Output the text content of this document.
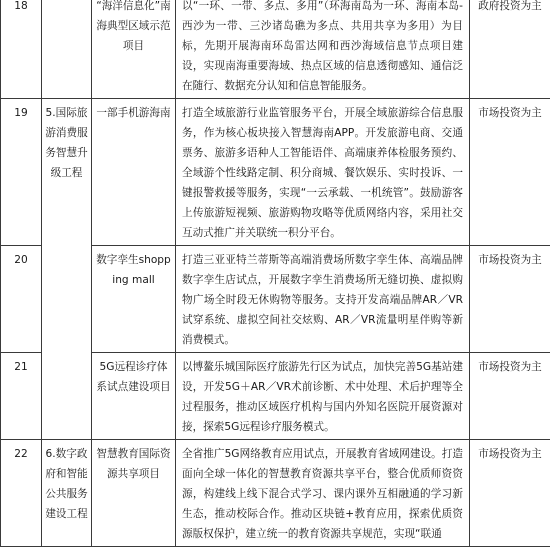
18		“海洋信息化”南海典型区域示范项目	以“一环、一带、多点、多用”（环海南岛为一环、海南本岛-西沙为一带、三沙诸岛礁为多点、共用共享为多用）为目标，先期开展海南环岛雷达网和西沙海域信息节点项目建设，实现南海重要海域、热点区域的信息透彻感知、通信泛在随行、数据充分认知和信息智能服务。	政府投资为主
19	5.国际旅游消费服务智慧升级工程	一部手机游海南	打造全域旅游行业监管服务平台，开展全域旅游综合信息服务，作为核心板块接入智慧海南APP。开发旅游电商、交通票务、旅游多语种人工智能语伴、高端康养体检服务预约、全域游个性线路定制、积分商城、餐饮娱乐、实时投诉、一键报警救援等服务，实现“一云承载、一机统管”。鼓励游客上传旅游短视频、旅游购物攻略等优质网络内容，采用社交互动式推广并关联统一积分平台。	市场投资为主
20		数字孪生shopping mall	打造三亚亚特兰蒂斯等高端消费场所数字孪生体、高端品牌数字孪生店试点，开展数字孪生消费场所无缝切换、虚拟购物广场全时段无休购物等服务。支持开发高端品牌AR／VR试穿系统、虚拟空间社交炫购、AR／VR流量明星伴购等新消费模式。	市场投资为主
21		5G远程诊疗体系试点建设项目	以博鳌乐城国际医疗旅游先行区为试点，加快完善5G基站建设，开发5G＋AR／VR术前诊断、术中处理、术后护理等全过程服务，推动区域医疗机构与国内外知名医院开展资源对接，探索5G远程诊疗服务模式。	市场投资为主
22	6.数字政府和智能公共服务建设工程	智慧教育国际资源共享项目	全省推广5G网络教育应用试点，开展教育省域网建设。打造面向全球一体化的智慧教育资源共享平台，整合优质师资资源，构建线上线下混合式学习、课内课外互相融通的学习新生态，推动校际合作。推动区块链+教育应用，探索优质资源版权保护，建立统一的教育资源共享规范，实现“联通	市场投资为主
